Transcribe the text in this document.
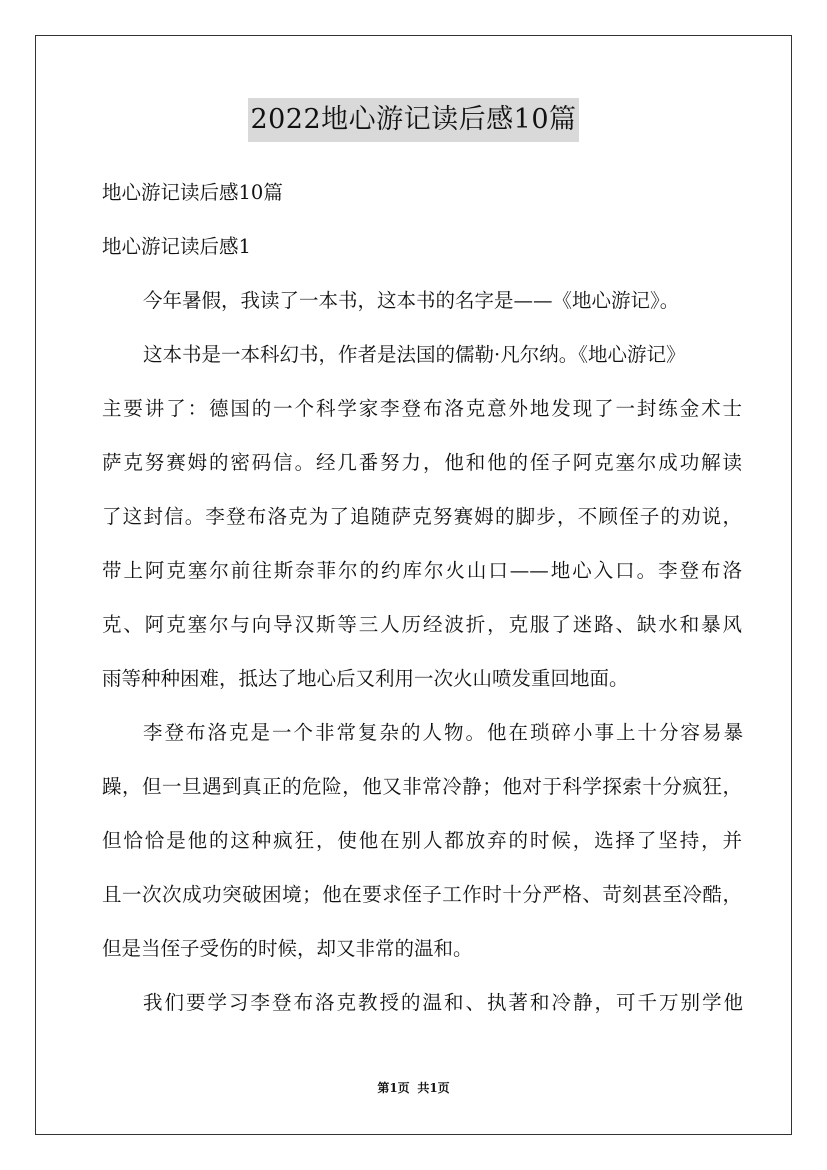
2022地心游记读后感10篇
地心游记读后感10篇
地心游记读后感1
今年暑假，我读了一本书，这本书的名字是——《地心游记》。
这本书是一本科幻书，作者是法国的儒勒·凡尔纳。《地心游记》
主要讲了：德国的一个科学家李登布洛克意外地发现了一封练金术士
萨克努赛姆的密码信。经几番努力，他和他的侄子阿克塞尔成功解读
了这封信。李登布洛克为了追随萨克努赛姆的脚步，不顾侄子的劝说，
带上阿克塞尔前往斯奈菲尔的约库尔火山口——地心入口。李登布洛
克、阿克塞尔与向导汉斯等三人历经波折，克服了迷路、缺水和暴风
雨等种种困难，抵达了地心后又利用一次火山喷发重回地面。
李登布洛克是一个非常复杂的人物。他在琐碎小事上十分容易暴
躁，但一旦遇到真正的危险，他又非常冷静；他对于科学探索十分疯狂，
但恰恰是他的这种疯狂，使他在别人都放弃的时候，选择了坚持，并
且一次次成功突破困境；他在要求侄子工作时十分严格、苛刻甚至冷酷，
但是当侄子受伤的时候，却又非常的温和。
我们要学习李登布洛克教授的温和、执著和冷静，可千万别学他
第1页 共1页
